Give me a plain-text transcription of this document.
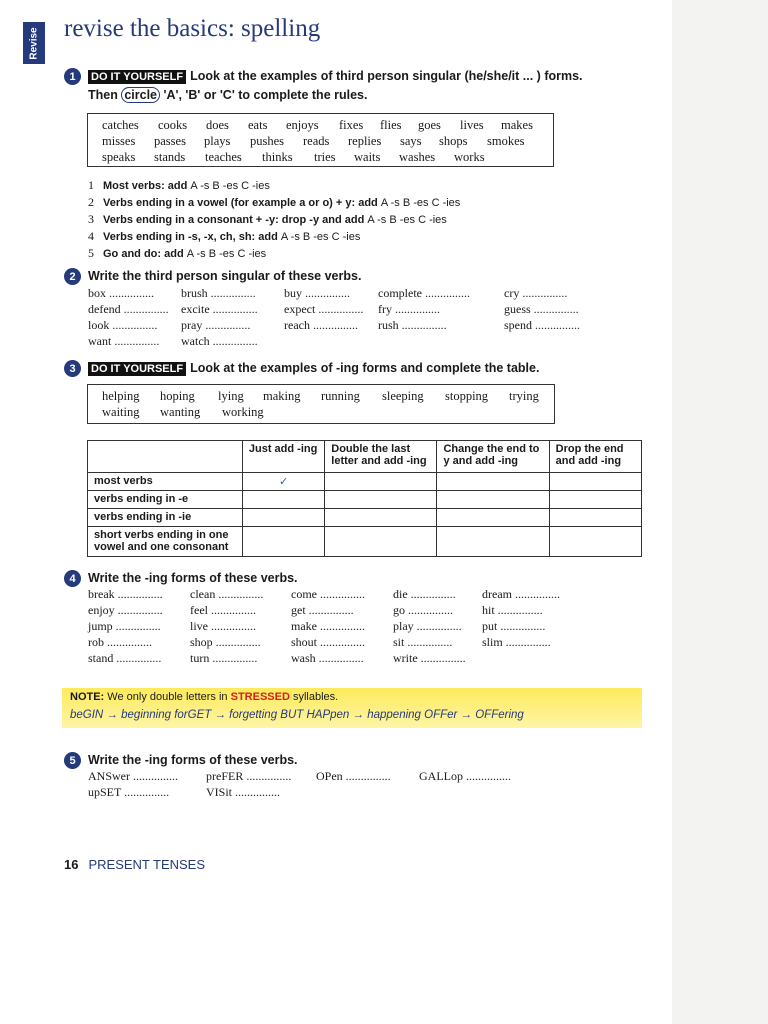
Revise revise the basics: spelling
1	DO IT YOURSELF Look at the examples of third person singular (he/she/it ... ) forms.
Then circle 'A', 'B' or 'C' to complete the rules.
catches cooks does eats enjoys fixes flies goes lives makes
misses passes plays pushes reads replies says shops smokes
speaks stands teaches thinks tries waits washes works
1 Most verbs: add A -s B -es C -ies
2 Verbs ending in a vowel (for example a or o) + y: add A -s B -es C -ies
3 Verbs ending in a consonant + -y: drop -y and add A -s B -es C -ies
4 Verbs ending in -s, -x, ch, sh: add A -s B -es C -ies
5 Go and do: add A -s B -es C -ies
2 Write the third person singular of these verbs.
box ............... brush ............... buy ............... complete ...............	cry ...............
defend ............... excite ............... expect ............... fry ...............	guess ...............
look ............... pray ...............	reach ............... rush ...............	spend ...............
want ............... watch ...............
3	DO IT YOURSELF Look at the examples of -ing forms and complete the table.
helping hoping lying making running sleeping stopping trying
waiting wanting working
	Just add -ing	Double the last letter and add -ing	Change the end to y and add -ing	Drop the end and add -ing
most verbs	✓			
verbs ending in -e				
verbs ending in -ie				
short verbs ending in one vowel and one consonant				
4 Write the -ing forms of these verbs.
break ............... clean ............... come ............... die ............... dream ...............
enjoy ............... feel ...............	get ...............	go ............... hit ...............
jump ............... live ...............	make ............... play ............... put ...............
rob ...............	shop ...............	shout ............... sit ............... slim ...............
stand ............... turn ...............	wash ............... write ...............
NOTE: We only double letters in STRESSED syllables.
beGIN → beginning forGET → forgetting BUT HAPpen → happening OFFer → OFFering
5 Write the -ing forms of these verbs.
ANSwer ............... preFER ............... OPen ............... GALLop ...............
upSET ...............	VISit ...............
16 PRESENT TENSES
